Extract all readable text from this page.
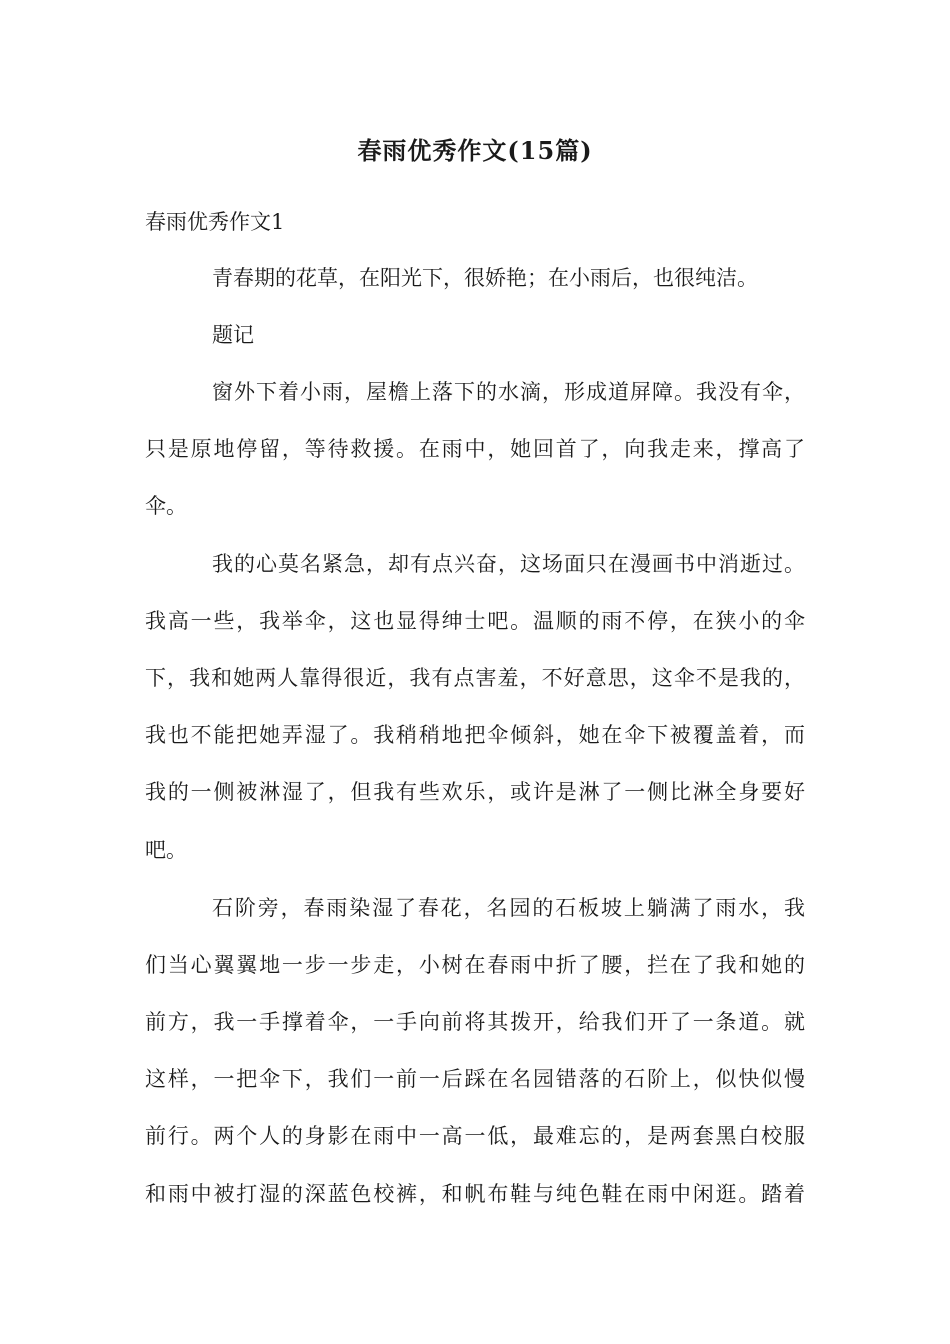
春雨优秀作文(15篇)
春雨优秀作文1
青春期的花草，在阳光下，很娇艳；在小雨后，也很纯洁。
题记
窗外下着小雨，屋檐上落下的水滴，形成道屏障。我没有伞，
只是原地停留，等待救援。在雨中，她回首了，向我走来，撑高了
伞。
我的心莫名紧急，却有点兴奋，这场面只在漫画书中消逝过。
我高一些，我举伞，这也显得绅士吧。温顺的雨不停，在狭小的伞
下，我和她两人靠得很近，我有点害羞，不好意思，这伞不是我的，
我也不能把她弄湿了。我稍稍地把伞倾斜，她在伞下被覆盖着，而
我的一侧被淋湿了，但我有些欢乐，或许是淋了一侧比淋全身要好
吧。
石阶旁，春雨染湿了春花，名园的石板坡上躺满了雨水，我
们当心翼翼地一步一步走，小树在春雨中折了腰，拦在了我和她的
前方，我一手撑着伞，一手向前将其拨开，给我们开了一条道。就
这样，一把伞下，我们一前一后踩在名园错落的石阶上，似快似慢
前行。两个人的身影在雨中一高一低，最难忘的，是两套黑白校服
和雨中被打湿的深蓝色校裤，和帆布鞋与纯色鞋在雨中闲逛。踏着
